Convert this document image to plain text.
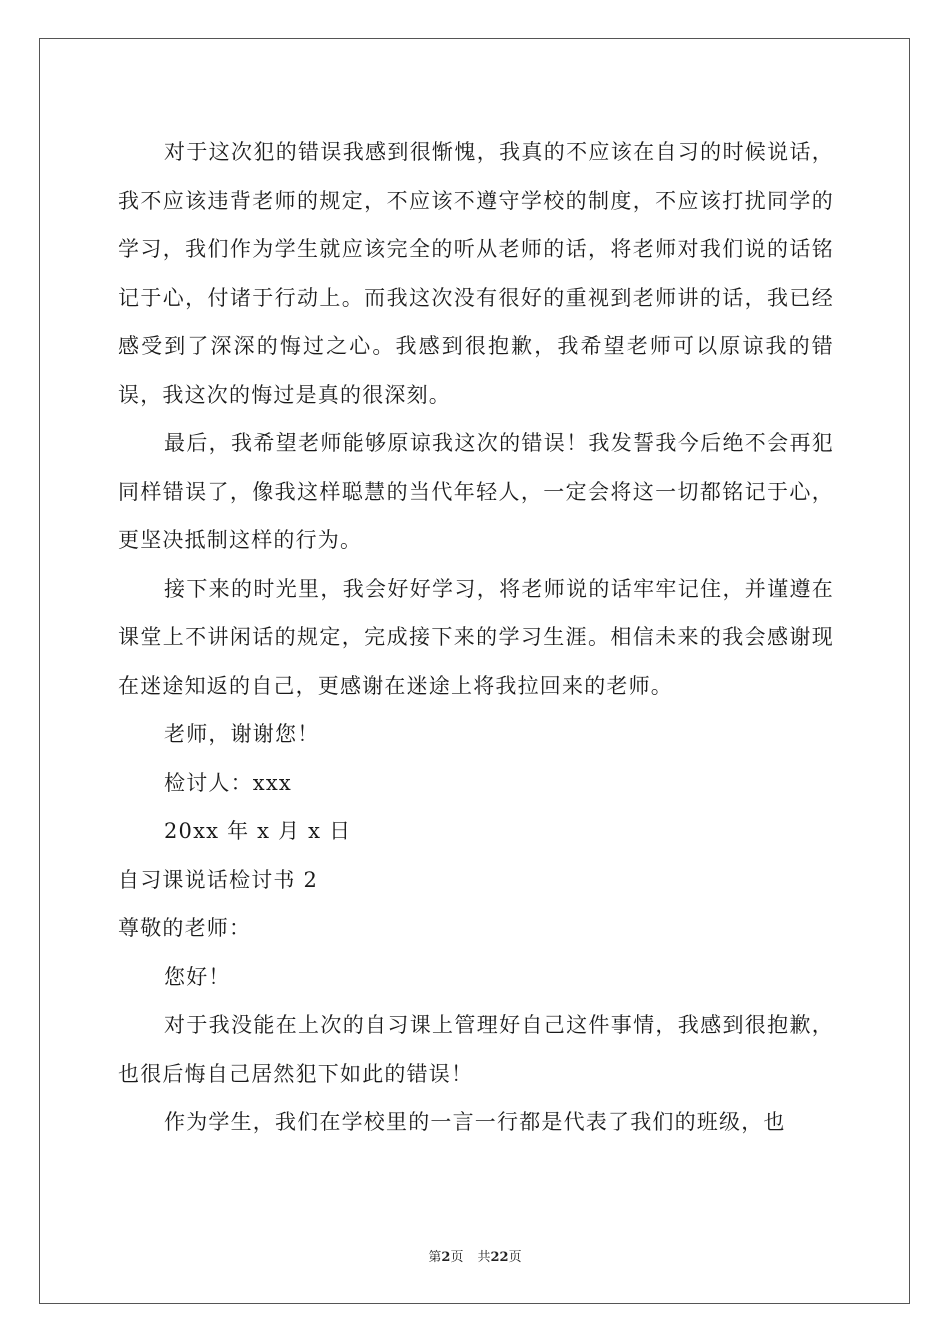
对于这次犯的错误我感到很惭愧，我真的不应该在自习的时候说话，我不应该违背老师的规定，不应该不遵守学校的制度，不应该打扰同学的学习，我们作为学生就应该完全的听从老师的话，将老师对我们说的话铭记于心，付诸于行动上。而我这次没有很好的重视到老师讲的话，我已经感受到了深深的悔过之心。我感到很抱歉，我希望老师可以原谅我的错误，我这次的悔过是真的很深刻。

最后，我希望老师能够原谅我这次的错误！我发誓我今后绝不会再犯同样错误了，像我这样聪慧的当代年轻人，一定会将这一切都铭记于心，更坚决抵制这样的行为。

接下来的时光里，我会好好学习，将老师说的话牢牢记住，并谨遵在课堂上不讲闲话的规定，完成接下来的学习生涯。相信未来的我会感谢现在迷途知返的自己，更感谢在迷途上将我拉回来的老师。

老师，谢谢您！

检讨人：xxx

20xx 年 x 月 x 日

自习课说话检讨书 2

尊敬的老师：

您好！

对于我没能在上次的自习课上管理好自己这件事情，我感到很抱歉，也很后悔自己居然犯下如此的错误！

作为学生，我们在学校里的一言一行都是代表了我们的班级，也

第2页 共22页
